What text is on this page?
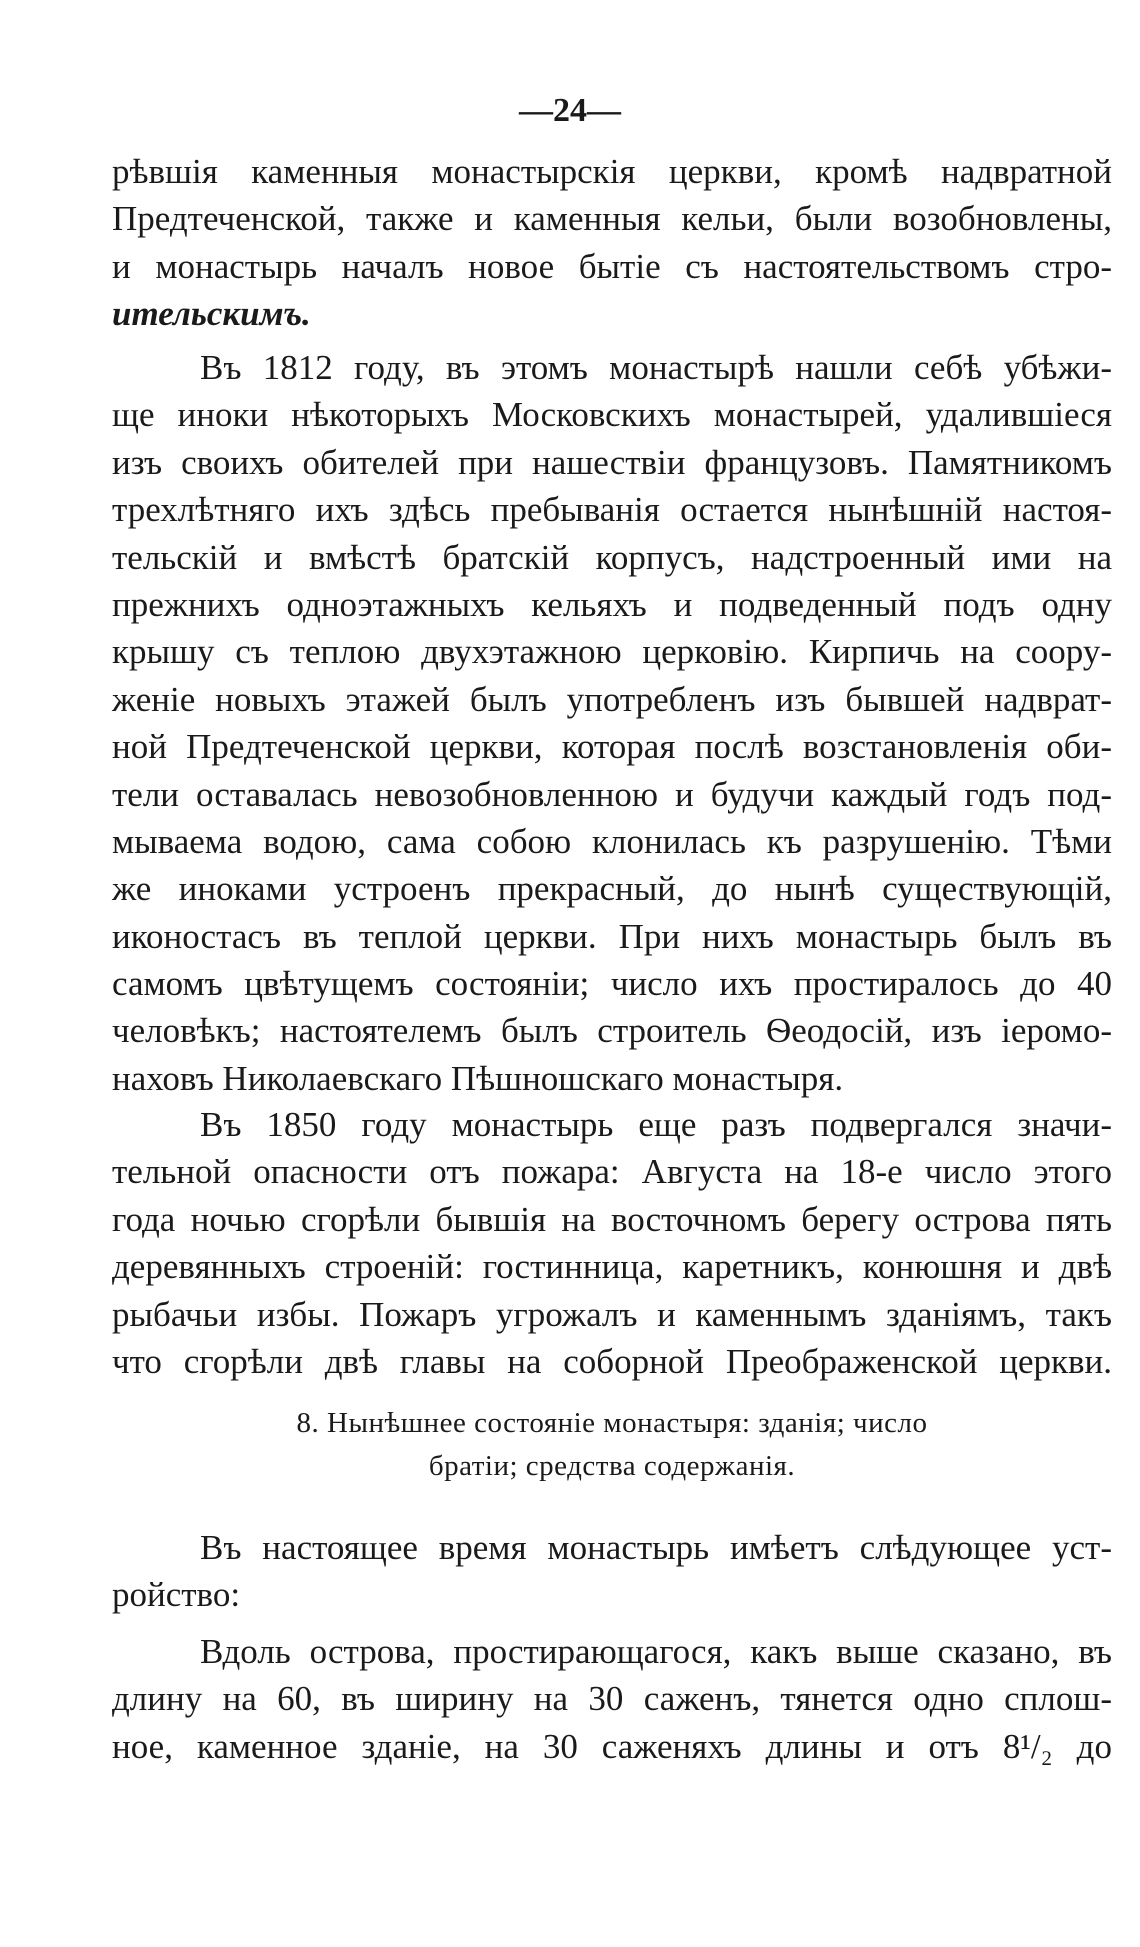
—24—
рѣвшія каменныя монастырскія церкви, кромѣ надвратной
Предтеченской, также и каменныя кельи, были возобновлены,
и монастырь началъ новое бытіе съ настоятельствомъ стро-
ительскимъ.
Въ 1812 году, въ этомъ монастырѣ нашли себѣ убѣжи-
ще иноки нѣкоторыхъ Московскихъ монастырей, удалившіеся
изъ своихъ обителей при нашествіи французовъ. Памятникомъ
трехлѣтняго ихъ здѣсь пребыванія остается нынѣшній настоя-
тельскій и вмѣстѣ братскій корпусъ, надстроенный ими на
прежнихъ одноэтажныхъ кельяхъ и подведенный подъ одну
крышу съ теплою двухэтажною церковію. Кирпичь на соору-
женіе новыхъ этажей былъ употребленъ изъ бывшей надврат-
ной Предтеченской церкви, которая послѣ возстановленія оби-
тели оставалась невозобновленною и будучи каждый годъ под-
мываема водою, сама собою клонилась къ разрушенію. Тѣми
же иноками устроенъ прекрасный, до нынѣ существующій,
иконостасъ въ теплой церкви. При нихъ монастырь былъ въ
самомъ цвѣтущемъ состояніи; число ихъ простиралось до 40
человѣкъ; настоятелемъ былъ строитель Ѳеодосій, изъ іеромо-
наховъ Николаевскаго Пѣшношскаго монастыря.
Въ 1850 году монастырь еще разъ подвергался значи-
тельной опасности отъ пожара: Августа на 18-е число этого
года ночью сгорѣли бывшія на восточномъ берегу острова пять
деревянныхъ строеній: гостинница, каретникъ, конюшня и двѣ
рыбачьи избы. Пожаръ угрожалъ и каменнымъ зданіямъ, такъ
что сгорѣли двѣ главы на соборной Преображенской церкви.
8. Нынѣшнее состояніе монастыря: зданія; число
братіи; средства содержанія.
Въ настоящее время монастырь имѣетъ слѣдующее уст-
ройство:
Вдоль острова, простирающагося, какъ выше сказано, въ
длину на 60, въ ширину на 30 саженъ, тянется одно сплош-
ное, каменное зданіе, на 30 саженяхъ длины и отъ 8¹/₂ до
